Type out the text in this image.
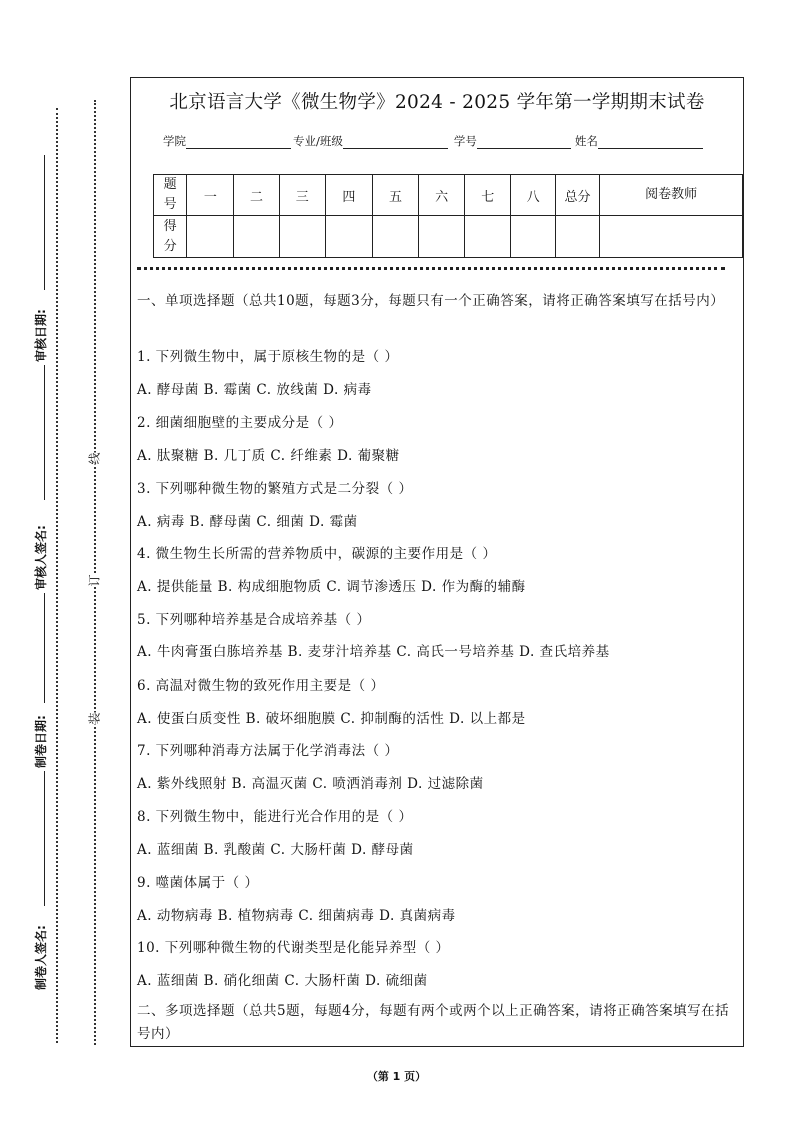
审核日期:
审核人签名:
制卷日期:
制卷人签名:
线
订
装
北京语言大学《微生物学》2024 - 2025 学年第一学期期末试卷
学院	专业/班级	学号	姓名
题号	一	二	三	四	五	六	七	八	总分	阅卷教师
得分										
一、单项选择题（总共10题，每题3分，每题只有一个正确答案，请将正确答案填写在括号内）
1. 下列微生物中，属于原核生物的是（ ）
A. 酵母菌 B. 霉菌 C. 放线菌 D. 病毒
2. 细菌细胞壁的主要成分是（ ）
A. 肽聚糖 B. 几丁质 C. 纤维素 D. 葡聚糖
3. 下列哪种微生物的繁殖方式是二分裂（ ）
A. 病毒 B. 酵母菌 C. 细菌 D. 霉菌
4. 微生物生长所需的营养物质中，碳源的主要作用是（ ）
A. 提供能量 B. 构成细胞物质 C. 调节渗透压 D. 作为酶的辅酶
5. 下列哪种培养基是合成培养基（ ）
A. 牛肉膏蛋白胨培养基 B. 麦芽汁培养基 C. 高氏一号培养基 D. 查氏培养基
6. 高温对微生物的致死作用主要是（ ）
A. 使蛋白质变性 B. 破坏细胞膜 C. 抑制酶的活性 D. 以上都是
7. 下列哪种消毒方法属于化学消毒法（ ）
A. 紫外线照射 B. 高温灭菌 C. 喷洒消毒剂 D. 过滤除菌
8. 下列微生物中，能进行光合作用的是（ ）
A. 蓝细菌 B. 乳酸菌 C. 大肠杆菌 D. 酵母菌
9. 噬菌体属于（ ）
A. 动物病毒 B. 植物病毒 C. 细菌病毒 D. 真菌病毒
10. 下列哪种微生物的代谢类型是化能异养型（ ）
A. 蓝细菌 B. 硝化细菌 C. 大肠杆菌 D. 硫细菌
二、多项选择题（总共5题，每题4分，每题有两个或两个以上正确答案，请将正确答案填写在括号内）
（第 1 页）
